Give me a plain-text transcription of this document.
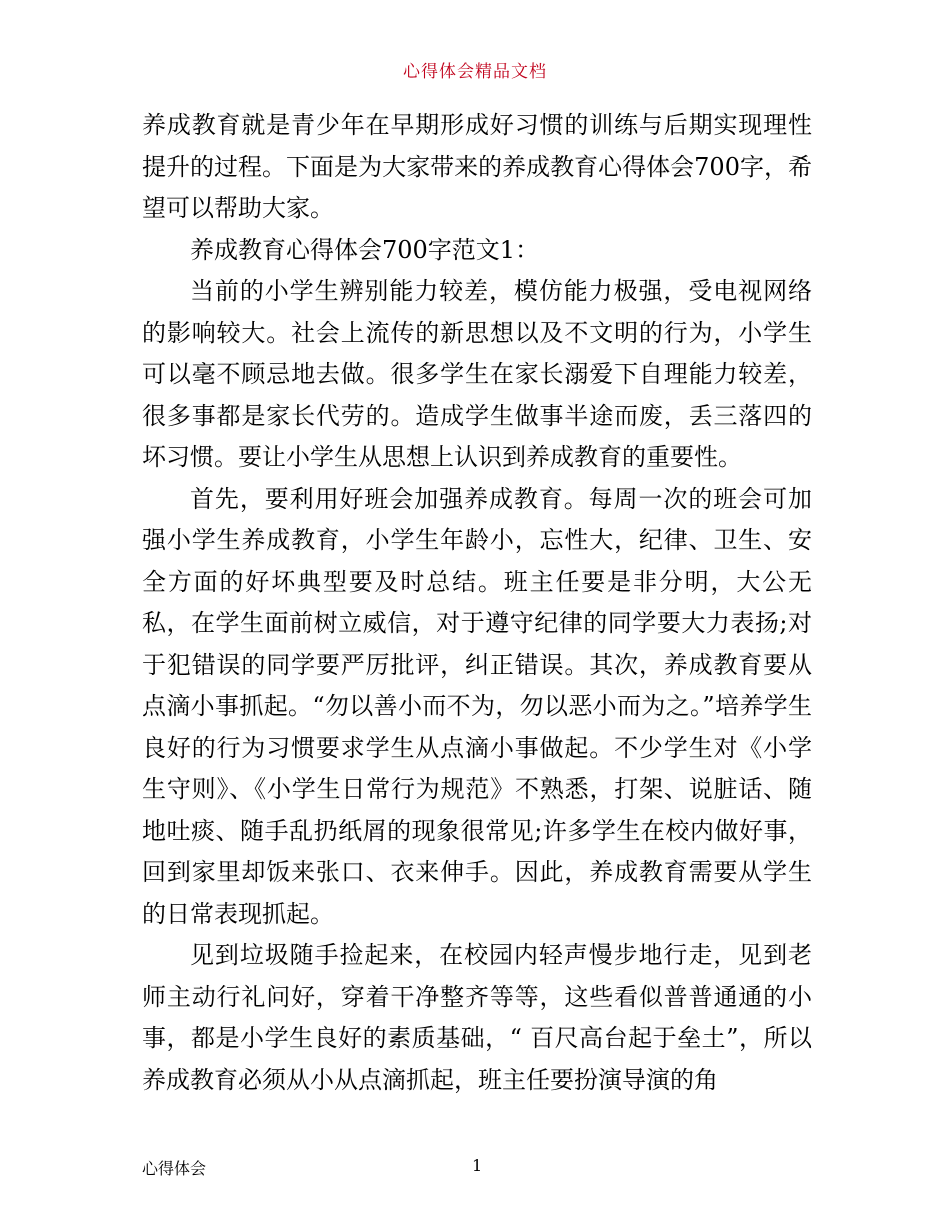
心得体会精品文档

养成教育就是青少年在早期形成好习惯的训练与后期实现理性提升的过程。下面是为大家带来的养成教育心得体会700字，希望可以帮助大家。

养成教育心得体会700字范文1：

当前的小学生辨别能力较差，模仿能力极强，受电视网络的影响较大。社会上流传的新思想以及不文明的行为，小学生可以毫不顾忌地去做。很多学生在家长溺爱下自理能力较差，很多事都是家长代劳的。造成学生做事半途而废，丢三落四的坏习惯。要让小学生从思想上认识到养成教育的重要性。

首先，要利用好班会加强养成教育。每周一次的班会可加强小学生养成教育，小学生年龄小，忘性大，纪律、卫生、安全方面的好坏典型要及时总结。班主任要是非分明，大公无私，在学生面前树立威信，对于遵守纪律的同学要大力表扬;对于犯错误的同学要严厉批评，纠正错误。其次，养成教育要从点滴小事抓起。“勿以善小而不为，勿以恶小而为之。”培养学生良好的行为习惯要求学生从点滴小事做起。不少学生对《小学生守则》、《小学生日常行为规范》不熟悉，打架、说脏话、随地吐痰、随手乱扔纸屑的现象很常见;许多学生在校内做好事，回到家里却饭来张口、衣来伸手。因此，养成教育需要从学生的日常表现抓起。

见到垃圾随手捡起来，在校园内轻声慢步地行走，见到老师主动行礼问好，穿着干净整齐等等，这些看似普普通通的小事，都是小学生良好的素质基础，“ 百尺高台起于垒土”，所以养成教育必须从小从点滴抓起，班主任要扮演导演的角

心得体会	1
